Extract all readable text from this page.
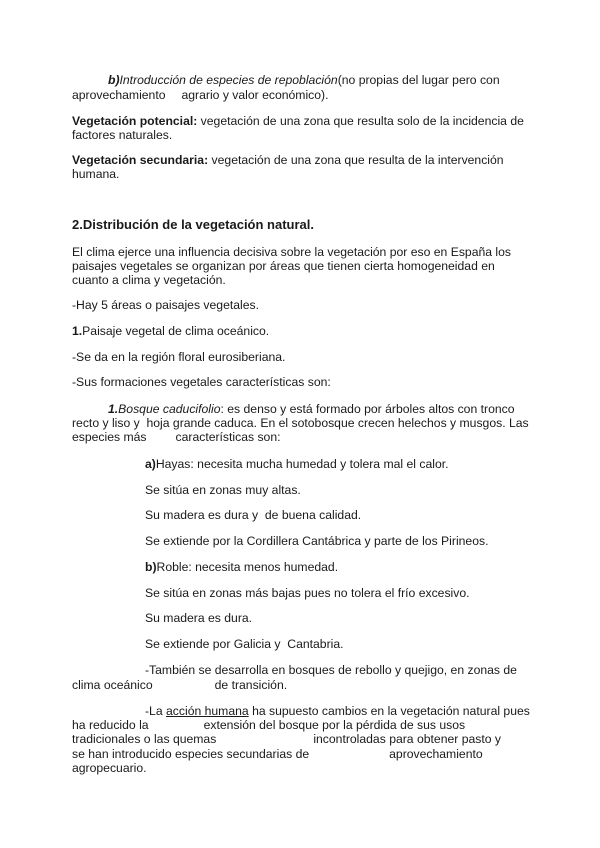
b)Introducción de especies de repoblación(no propias del lugar pero con
aprovechamiento agrario y valor económico).
Vegetación potencial: vegetación de una zona que resulta solo de la incidencia de
factores naturales.
Vegetación secundaria: vegetación de una zona que resulta de la intervención
humana.
2.Distribución de la vegetación natural.
El clima ejerce una influencia decisiva sobre la vegetación por eso en España los
paisajes vegetales se organizan por áreas que tienen cierta homogeneidad en
cuanto a clima y vegetación.
-Hay 5 áreas o paisajes vegetales.
1.Paisaje vegetal de clima oceánico.
-Se da en la región floral eurosiberiana.
-Sus formaciones vegetales características son:
1.Bosque caducifolio: es denso y está formado por árboles altos con tronco
recto y liso y  hoja grande caduca. En el sotobosque crecen helechos y musgos. Las
especies más características son:
a)Hayas: necesita mucha humedad y tolera mal el calor.
Se sitúa en zonas muy altas.
Su madera es dura y  de buena calidad.
Se extiende por la Cordillera Cantábrica y parte de los Pirineos.
b)Roble: necesita menos humedad.
Se sitúa en zonas más bajas pues no tolera el frío excesivo.
Su madera es dura.
Se extiende por Galicia y  Cantabria.
-También se desarrolla en bosques de rebollo y quejigo, en zonas de
clima oceánico	de transición.
-La acción humana ha supuesto cambios en la vegetación natural pues
ha reducido la	extensión del bosque por la pérdida de sus usos
tradicionales o las quemas	incontroladas para obtener pasto y
se han introducido especies secundarias de	aprovechamiento
agropecuario.
